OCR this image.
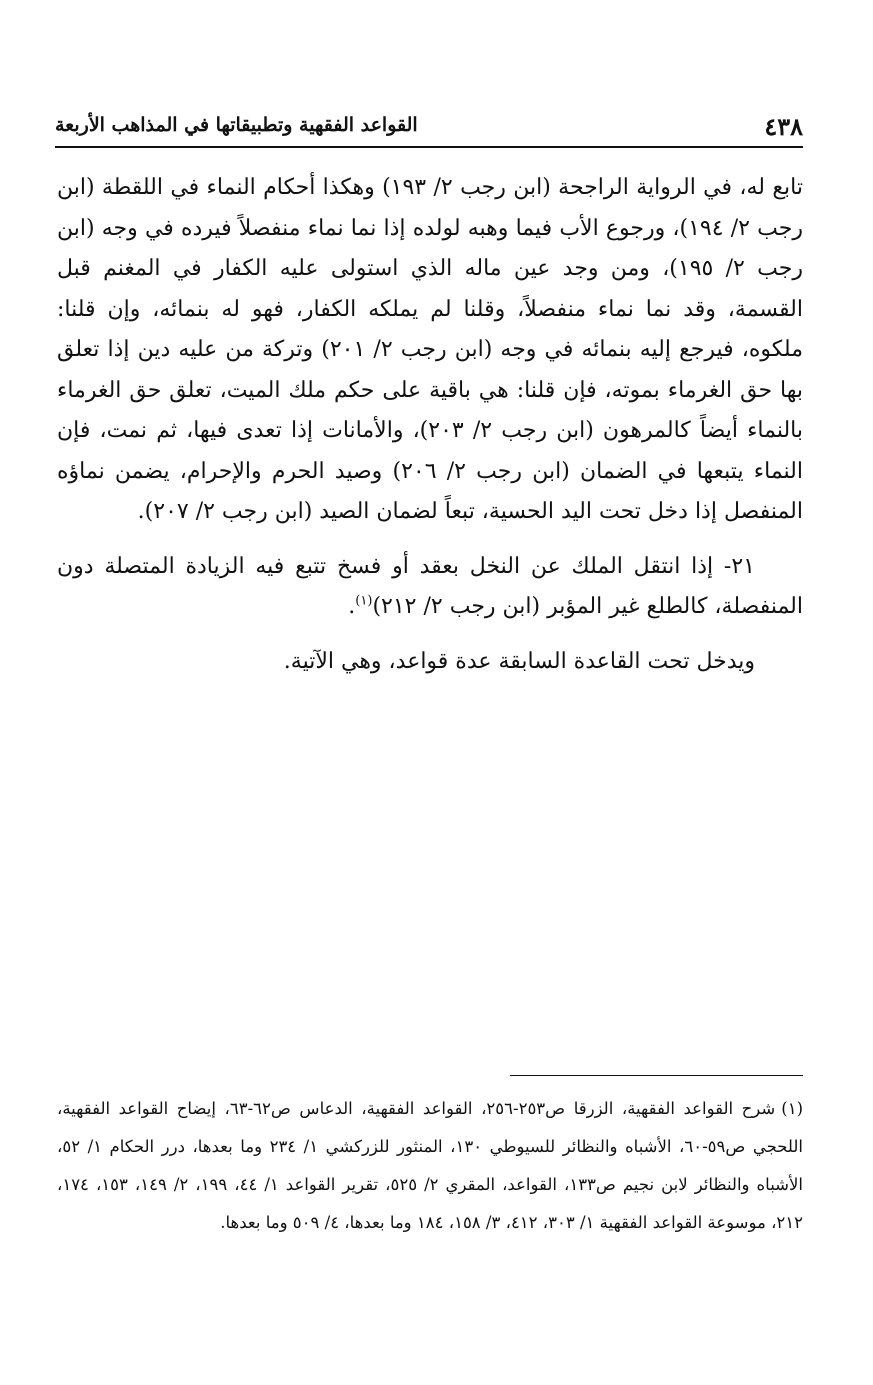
٤٣٨
القواعد الفقهية وتطبيقاتها في المذاهب الأربعة

تابع له، في الرواية الراجحة (ابن رجب ٢/ ١٩٣) وهكذا أحكام النماء في اللقطة (ابن رجب ٢/ ١٩٤)، ورجوع الأب فيما وهبه لولده إذا نما نماء منفصلاً فيرده في وجه (ابن رجب ٢/ ١٩٥)، ومن وجد عين ماله الذي استولى عليه الكفار في المغنم قبل القسمة، وقد نما نماء منفصلاً، وقلنا لم يملكه الكفار، فهو له بنمائه، وإن قلنا: ملكوه، فيرجع إليه بنمائه في وجه (ابن رجب ٢/ ٢٠١) وتركة من عليه دين إذا تعلق بها حق الغرماء بموته، فإن قلنا: هي باقية على حكم ملك الميت، تعلق حق الغرماء بالنماء أيضاً كالمرهون (ابن رجب ٢/ ٢٠٣)، والأمانات إذا تعدى فيها، ثم نمت، فإن النماء يتبعها في الضمان (ابن رجب ٢/ ٢٠٦) وصيد الحرم والإحرام، يضمن نماؤه المنفصل إذا دخل تحت اليد الحسية، تبعاً لضمان الصيد (ابن رجب ٢/ ٢٠٧).

٢١- إذا انتقل الملك عن النخل بعقد أو فسخ تتبع فيه الزيادة المتصلة دون المنفصلة، كالطلع غير المؤبر (ابن رجب ٢/ ٢١٢)$^{(١)}$.

ويدخل تحت القاعدة السابقة عدة قواعد، وهي الآتية.

(١)شرح القواعد الفقهية، الزرقا ص٢٥٣-٢٥٦، القواعد الفقهية، الدعاس ص٦٢-٦٣، إيضاح القواعد الفقهية، اللحجي ص٥٩-٦٠، الأشباه والنظائر للسيوطي ١٣٠، المنثور للزركشي ١/ ٢٣٤ وما بعدها، درر الحكام ١/ ٥٢، الأشباه والنظائر لابن نجيم ص١٣٣، القواعد، المقري ٢/ ٥٢٥، تقرير القواعد ١/ ٤٤، ١٩٩، ٢/ ١٤٩، ١٥٣، ١٧٤، ٢١٢، موسوعة القواعد الفقهية ١/ ٣٠٣، ٤١٢، ٣/ ١٥٨، ١٨٤ وما بعدها، ٤/ ٥٠٩ وما بعدها.
